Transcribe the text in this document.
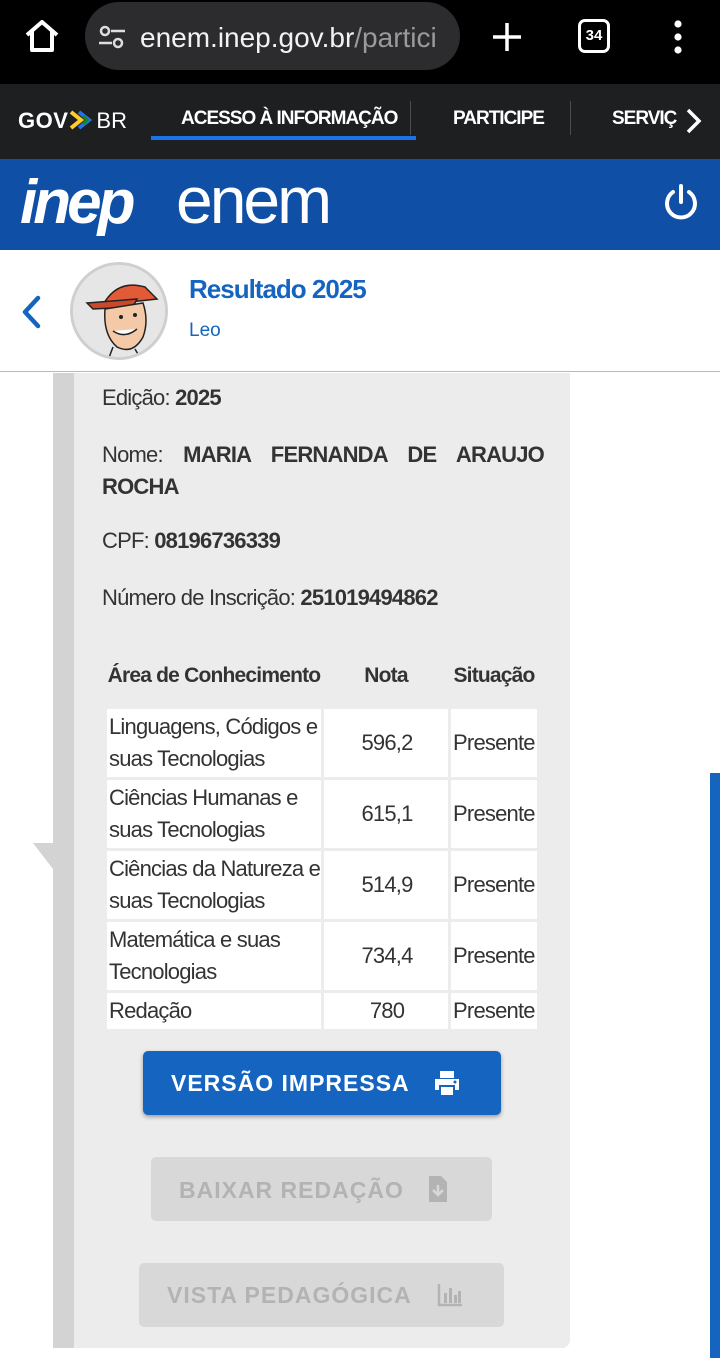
enem.inep.gov.br/partici	34
GOV BR	ACESSO À INFORMAÇÃO	PARTICIPE	SERVIÇ
inep enem
Resultado 2025
Leo
Edição: 2025
Nome: MARIA FERNANDA DE ARAUJO ROCHA
CPF: 08196736339
Número de Inscrição: 251019494862
Área de Conhecimento	Nota	Situação
Linguagens, Códigos e suas Tecnologias	596,2	Presente
Ciências Humanas e suas Tecnologias	615,1	Presente
Ciências da Natureza e suas Tecnologias	514,9	Presente
Matemática e suas Tecnologias	734,4	Presente
Redação	780	Presente
VERSÃO IMPRESSA
BAIXAR REDAÇÃO
VISTA PEDAGÓGICA
